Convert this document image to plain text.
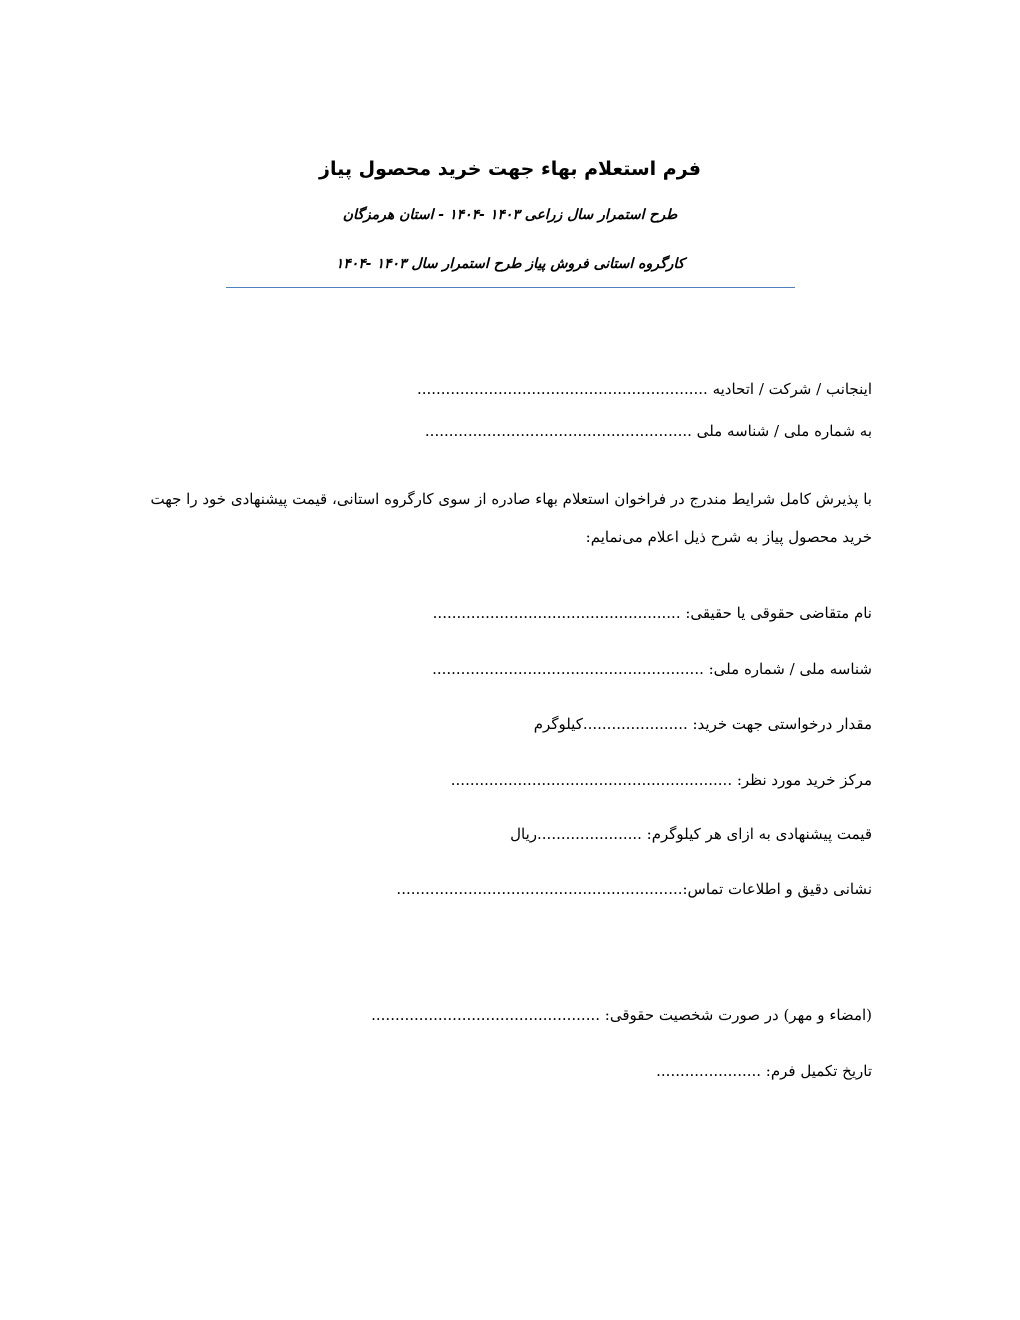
فرم استعلام بهاء جهت خرید محصول پیاز
طرح استمرار سال زراعی ۱۴۰۳ -۱۴۰۴ - استان هرمزگان
کارگروه استانی فروش پیاز طرح استمرار سال ۱۴۰۳ -۱۴۰۴
اینجانب / شرکت / اتحادیه .............................................................
به شماره ملی / شناسه ملی ........................................................
با پذیرش کامل شرایط مندرج در فراخوان استعلام بهاء صادره از سوی کارگروه استانی، قیمت پیشنهادی خود را جهت
خرید محصول پیاز به شرح ذیل اعلام می‌نمایم:
نام متقاضی حقوقی یا حقیقی: ....................................................
شناسه ملی / شماره ملی: .........................................................
مقدار درخواستی جهت خرید: ......................کیلوگرم
مرکز خرید مورد نظر: ...........................................................
قیمت پیشنهادی به ازای هر کیلوگرم: ......................ریال
نشانی دقیق و اطلاعات تماس:............................................................
(امضاء و مهر) در صورت شخصیت حقوقی: ................................................
تاریخ تکمیل فرم: ......................
